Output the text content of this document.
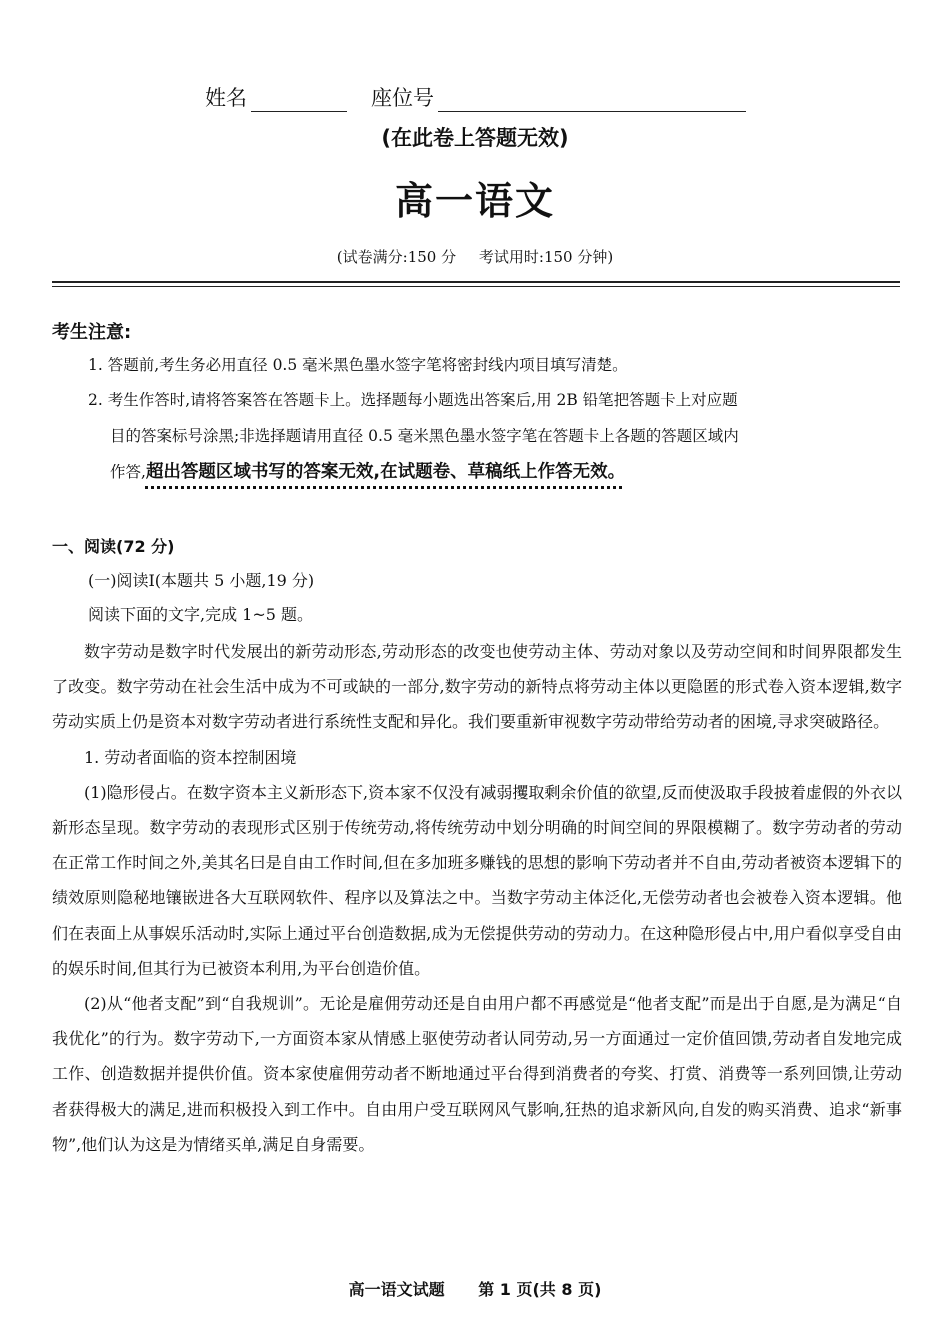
姓名	座位号
(在此卷上答题无效)
高一语文
(试卷满分:150 分 考试用时:150 分钟)
考生注意:
1. 答题前,考生务必用直径 0.5 毫米黑色墨水签字笔将密封线内项目填写清楚。
2. 考生作答时,请将答案答在答题卡上。选择题每小题选出答案后,用 2B 铅笔把答题卡上对应题
目的答案标号涂黑;非选择题请用直径 0.5 毫米黑色墨水签字笔在答题卡上各题的答题区域内
作答,超出答题区域书写的答案无效,在试题卷、草稿纸上作答无效。
一、阅读(72 分)
(一)阅读Ⅰ(本题共 5 小题,19 分)
阅读下面的文字,完成 1~5 题。

数字劳动是数字时代发展出的新劳动形态,劳动形态的改变也使劳动主体、劳动对象以及劳动空间和时间界限都发生了改变。数字劳动在社会生活中成为不可或缺的一部分,数字劳动的新特点将劳动主体以更隐匿的形式卷入资本逻辑,数字劳动实质上仍是资本对数字劳动者进行系统性支配和异化。我们要重新审视数字劳动带给劳动者的困境,寻求突破路径。

1. 劳动者面临的资本控制困境

(1)隐形侵占。在数字资本主义新形态下,资本家不仅没有减弱攫取剩余价值的欲望,反而使汲取手段披着虚假的外衣以新形态呈现。数字劳动的表现形式区别于传统劳动,将传统劳动中划分明确的时间空间的界限模糊了。数字劳动者的劳动在正常工作时间之外,美其名曰是自由工作时间,但在多加班多赚钱的思想的影响下劳动者并不自由,劳动者被资本逻辑下的绩效原则隐秘地镶嵌进各大互联网软件、程序以及算法之中。当数字劳动主体泛化,无偿劳动者也会被卷入资本逻辑。他们在表面上从事娱乐活动时,实际上通过平台创造数据,成为无偿提供劳动的劳动力。在这种隐形侵占中,用户看似享受自由的娱乐时间,但其行为已被资本利用,为平台创造价值。

(2)从“他者支配”到“自我规训”。无论是雇佣劳动还是自由用户都不再感觉是“他者支配”而是出于自愿,是为满足“自我优化”的行为。数字劳动下,一方面资本家从情感上驱使劳动者认同劳动,另一方面通过一定价值回馈,劳动者自发地完成工作、创造数据并提供价值。资本家使雇佣劳动者不断地通过平台得到消费者的夸奖、打赏、消费等一系列回馈,让劳动者获得极大的满足,进而积极投入到工作中。自由用户受互联网风气影响,狂热的追求新风向,自发的购买消费、追求“新事物”,他们认为这是为情绪买单,满足自身需要。

高一语文试题 第 1 页(共 8 页)
